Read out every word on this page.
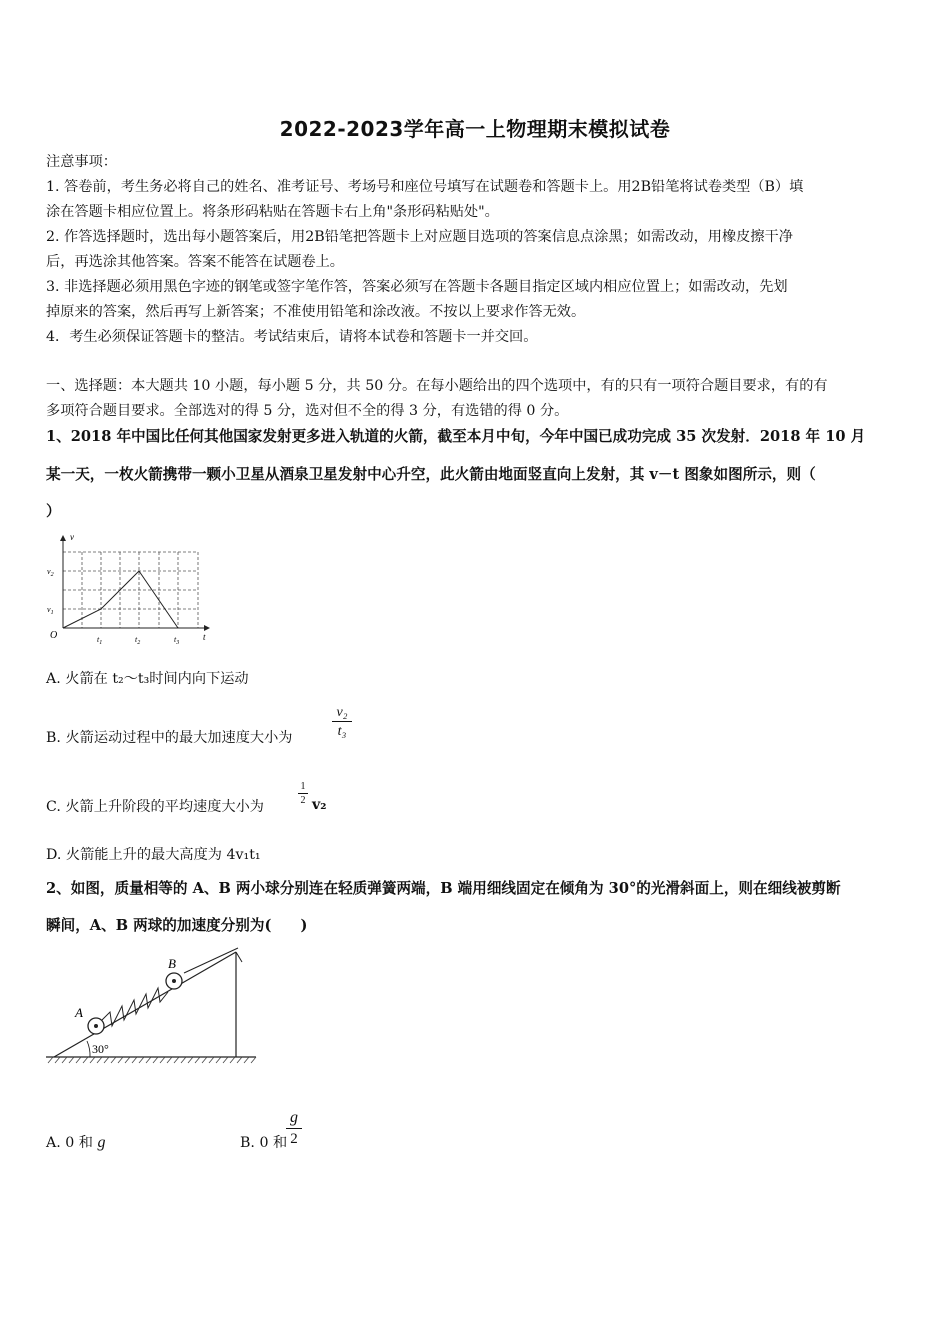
2022-2023学年高一上物理期末模拟试卷
注意事项：
1. 答卷前，考生务必将自己的姓名、准考证号、考场号和座位号填写在试题卷和答题卡上。用2B铅笔将试卷类型（B）填
涂在答题卡相应位置上。将条形码粘贴在答题卡右上角"条形码粘贴处"。
2. 作答选择题时，选出每小题答案后，用2B铅笔把答题卡上对应题目选项的答案信息点涂黑；如需改动，用橡皮擦干净
后，再选涂其他答案。答案不能答在试题卷上。
3. 非选择题必须用黑色字迹的钢笔或签字笔作答，答案必须写在答题卡各题目指定区域内相应位置上；如需改动，先划
掉原来的答案，然后再写上新答案；不准使用铅笔和涂改液。不按以上要求作答无效。
4．考生必须保证答题卡的整洁。考试结束后，请将本试卷和答题卡一并交回。
一、选择题：本大题共 10 小题，每小题 5 分，共 50 分。在每小题给出的四个选项中，有的只有一项符合题目要求，有的有
多项符合题目要求。全部选对的得 5 分，选对但不全的得 3 分，有选错的得 0 分。
1、2018 年中国比任何其他国家发射更多进入轨道的火箭，截至本月中旬，今年中国已成功完成 35 次发射．2018 年 10 月
某一天，一枚火箭携带一颗小卫星从酒泉卫星发射中心升空，此火箭由地面竖直向上发射，其 v－t 图象如图所示，则（
）
v
t
O
$v_2$
$v_1$
$t_1$	$t_2$	$t_3$
A. 火箭在 t₂～t₃时间内向下运动
B. 火箭运动过程中的最大加速度大小为	$\frac{\text{v₂}}{\text{t₃}}$
C. 火箭上升阶段的平均速度大小为	$\frac{1}{2} v_2$
D. 火箭能上升的最大高度为 4v₁t₁
2、如图，质量相等的 A、B 两小球分别连在轻质弹簧两端，B 端用细线固定在倾角为 30°的光滑斜面上，则在细线被剪断
瞬间，A、B 两球的加速度分别为(　　)
A
B
30°
A. 0 和 g	B. 0 和
$\frac{g}{2}$
